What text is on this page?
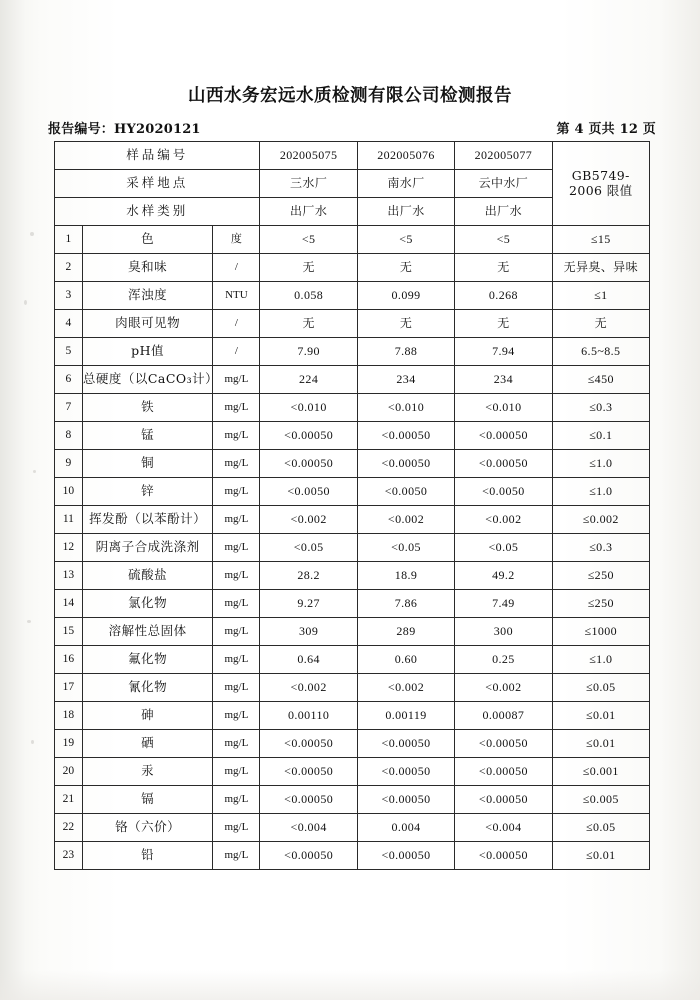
山西水务宏远水质检测有限公司检测报告
报告编号：HY2020121	第 4 页共 12 页
样品编号			202005075	202005076	202005077	GB5749-
2006 限值

采样地点			三水厂	南水厂	云中水厂	
水样类别			出厂水	出厂水	出厂水	
1	色	度	<5	<5	<5	≤15
2	臭和味	/	无	无	无	无异臭、异味
3	浑浊度	NTU	0.058	0.099	0.268	≤1
4	肉眼可见物	/	无	无	无	无
5	pH值	/	7.90	7.88	7.94	6.5~8.5
6	总硬度（以CaCO₃计）	mg/L	224	234	234	≤450
7	铁	mg/L	<0.010	<0.010	<0.010	≤0.3
8	锰	mg/L	<0.00050	<0.00050	<0.00050	≤0.1
9	铜	mg/L	<0.00050	<0.00050	<0.00050	≤1.0
10	锌	mg/L	<0.0050	<0.0050	<0.0050	≤1.0
11	挥发酚（以苯酚计）	mg/L	<0.002	<0.002	<0.002	≤0.002
12	阴离子合成洗涤剂	mg/L	<0.05	<0.05	<0.05	≤0.3
13	硫酸盐	mg/L	28.2	18.9	49.2	≤250
14	氯化物	mg/L	9.27	7.86	7.49	≤250
15	溶解性总固体	mg/L	309	289	300	≤1000
16	氟化物	mg/L	0.64	0.60	0.25	≤1.0
17	氰化物	mg/L	<0.002	<0.002	<0.002	≤0.05
18	砷	mg/L	0.00110	0.00119	0.00087	≤0.01
19	硒	mg/L	<0.00050	<0.00050	<0.00050	≤0.01
20	汞	mg/L	<0.00050	<0.00050	<0.00050	≤0.001
21	镉	mg/L	<0.00050	<0.00050	<0.00050	≤0.005
22	铬（六价）	mg/L	<0.004	0.004	<0.004	≤0.05
23	铅	mg/L	<0.00050	<0.00050	<0.00050	≤0.01
